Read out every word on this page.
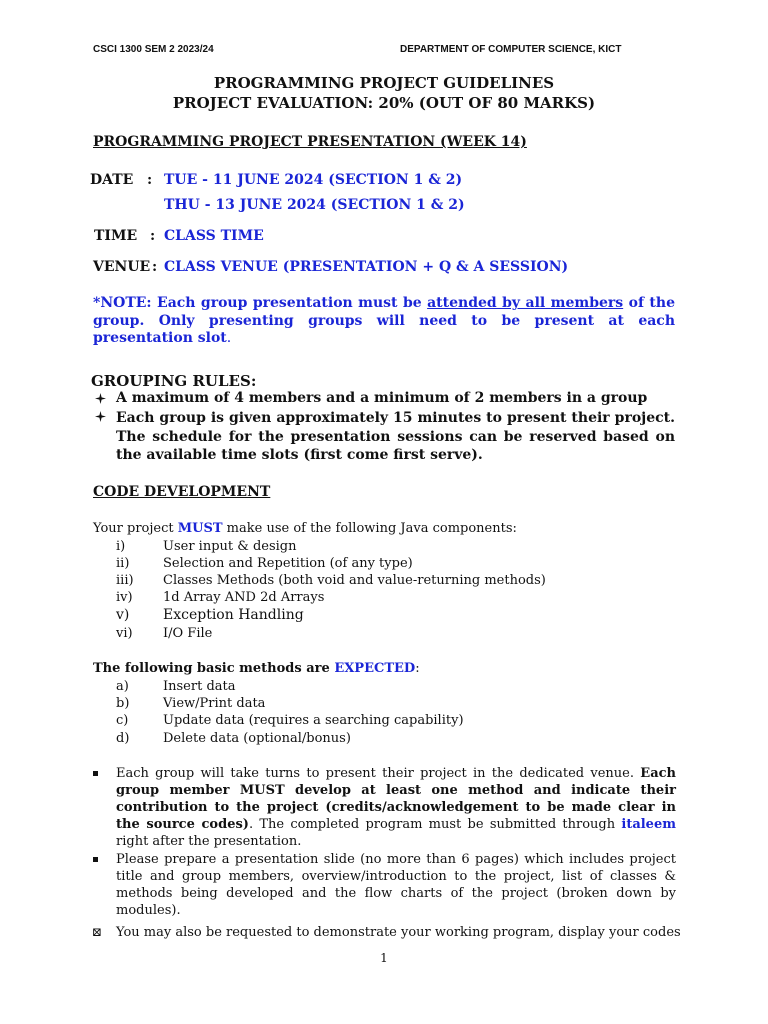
CSCI 1300 SEM 2 2023/24	DEPARTMENT OF COMPUTER SCIENCE, KICT
PROGRAMMING PROJECT GUIDELINES
PROJECT EVALUATION: 20% (OUT OF 80 MARKS)
PROGRAMMING PROJECT PRESENTATION (WEEK 14)
DATE : TUE - 11 JUNE 2024 (SECTION 1 & 2)
THU - 13 JUNE 2024 (SECTION 1 & 2)
TIME : CLASS TIME
VENUE : CLASS VENUE (PRESENTATION + Q & A SESSION)
*NOTE: Each group presentation must be attended by all members of the group. Only presenting groups will need to be present at each presentation slot.
GROUPING RULES:
A maximum of 4 members and a minimum of 2 members in a group
Each group is given approximately 15 minutes to present their project. The schedule for the presentation sessions can be reserved based on the available time slots (first come first serve).
CODE DEVELOPMENT
Your project MUST make use of the following Java components:
i)	User input & design
ii)	Selection and Repetition (of any type)
iii) Classes Methods (both void and value-returning methods)
iv) 1d Array AND 2d Arrays
v) Exception Handling
vi) I/O File
The following basic methods are EXPECTED:
a)	Insert data
b)	View/Print data
c)	Update data (requires a searching capability)
d)	Delete data (optional/bonus)
Each group will take turns to present their project in the dedicated venue. Each group member MUST develop at least one method and indicate their contribution to the project (credits/acknowledgement to be made clear in the source codes). The completed program must be submitted through italeem right after the presentation.
Please prepare a presentation slide (no more than 6 pages) which includes project title and group members, overview/introduction to the project, list of classes & methods being developed and the flow charts of the project (broken down by modules).
⊠ You may also be requested to demonstrate your working program, display your codes
1
